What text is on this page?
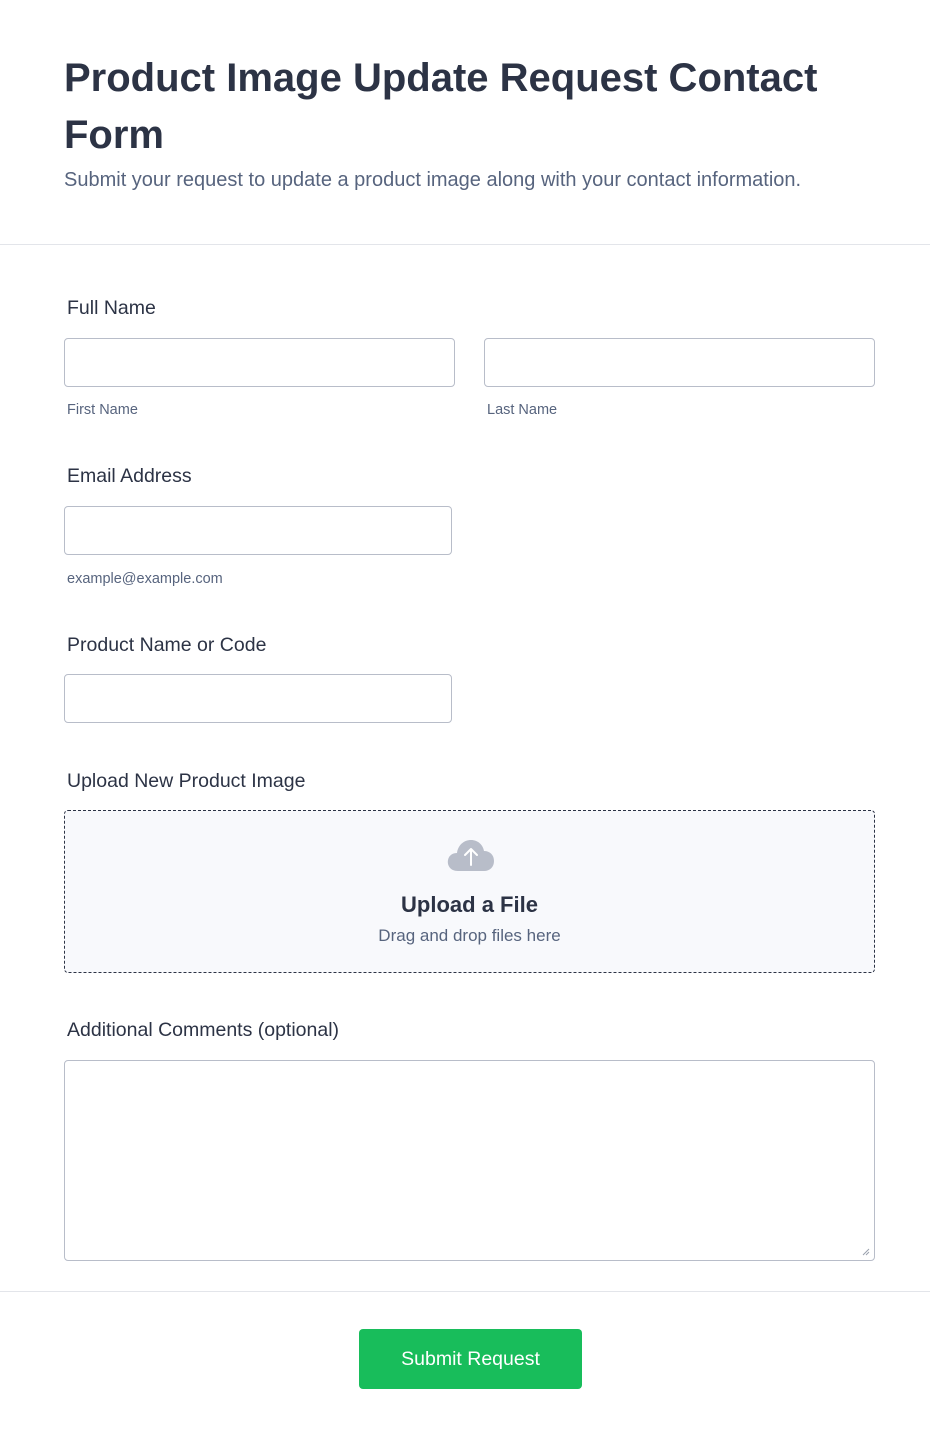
Product Image Update Request Contact Form

Submit your request to update a product image along with your contact information.

Full Name
First Name	Last Name
Email Address
example@example.com
Product Name or Code
Upload New Product Image
Upload a File
Drag and drop files here
Additional Comments (optional)
Submit Request
